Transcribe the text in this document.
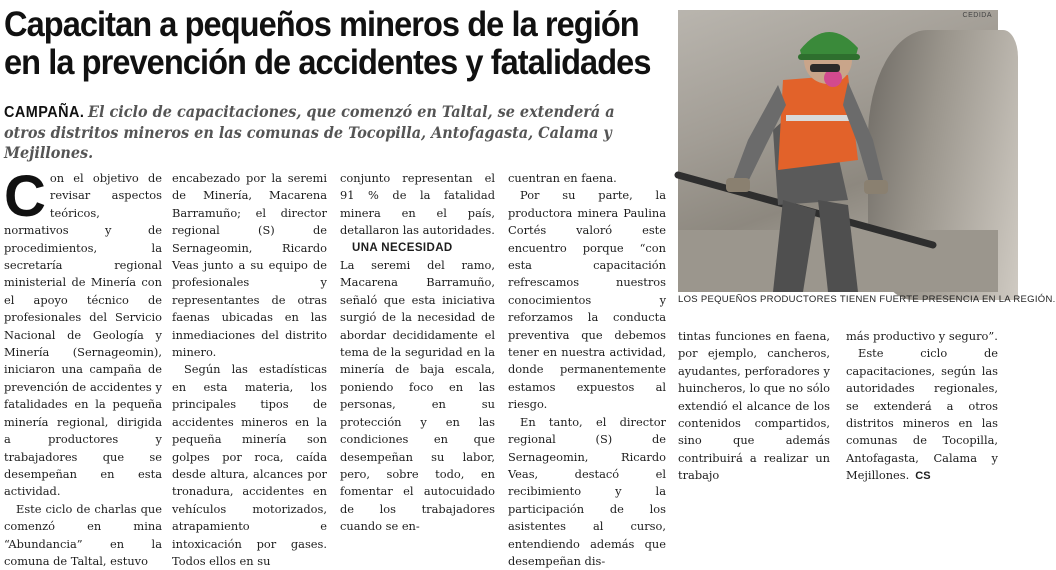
Capacitan a pequeños mineros de la región
en la prevención de accidentes y fatalidades

CAMPAÑA. El ciclo de capacitaciones, que comenzó en Taltal, se extenderá a otros distritos mineros en las comunas de Tocopilla, Antofagasta, Calama y Mejillones.

Con el objetivo de revisar aspectos teóricos, normativos y de procedimientos, la secretaría regional ministerial de Minería con el apoyo técnico de profesionales del Servicio Nacional de Geología y Minería (Sernageomin), iniciaron una campaña de prevención de accidentes y fatalidades en la pequeña minería regional, dirigida a productores y trabajadores que se desempeñan en esta actividad.

Este ciclo de charlas que comenzó en mina “Abundancia” en la comuna de Taltal, estuvo

encabezado por la seremi de Minería, Macarena Barramuño; el director regional (S) de Sernageomin, Ricardo Veas junto a su equipo de profesionales y representantes de otras faenas ubicadas en las inmediaciones del distrito minero.

Según las estadísticas en esta materia, los principales tipos de accidentes mineros en la pequeña minería son golpes por roca, caída desde altura, alcances por tronadura, accidentes en vehículos motorizados, atrapamiento e intoxicación por gases. Todos ellos en su

conjunto representan el 91 % de la fatalidad minera en el país, detallaron las autoridades.

UNA NECESIDAD

La seremi del ramo, Macarena Barramuño, señaló que esta iniciativa surgió de la necesidad de abordar decididamente el tema de la seguridad en la minería de baja escala, poniendo foco en las personas, en su protección y en las condiciones en que desempeñan su labor, pero, sobre todo, en fomentar el autocuidado de los trabajadores cuando se en-

cuentran en faena.

Por su parte, la productora minera Paulina Cortés valoró este encuentro porque “con esta capacitación refrescamos nuestros conocimientos y reforzamos la conducta preventiva que debemos tener en nuestra actividad, donde permanentemente estamos expuestos al riesgo.

En tanto, el director regional (S) de Sernageomin, Ricardo Veas, destacó el recibimiento y la participación de los asistentes al curso, entendiendo además que desempeñan dis-

CEDIDA

LOS PEQUEÑOS PRODUCTORES TIENEN FUERTE PRESENCIA EN LA REGIÓN.

tintas funciones en faena, por ejemplo, cancheros, ayudantes, perforadores y huincheros, lo que no sólo extendió el alcance de los contenidos compartidos, sino que además contribuirá a realizar un trabajo

más productivo y seguro”.

Este ciclo de capacitaciones, según las autoridades regionales, se extenderá a otros distritos mineros en las comunas de Tocopilla, Antofagasta, Calama y Mejillones. CS
